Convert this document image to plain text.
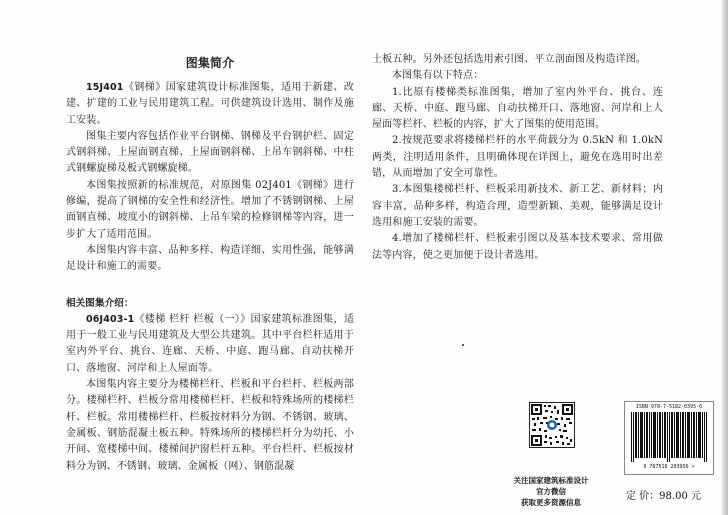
图集简介

15J401《钢梯》国家建筑设计标准图集，适用于新建、改建、扩建的工业与民用建筑工程。可供建筑设计选用、制作及施工安装。

图集主要内容包括作业平台钢梯、钢梯及平台钢护栏、固定式钢斜梯、上屋面钢直梯、上屋面钢斜梯、上吊车钢斜梯、中柱式钢螺旋梯及板式钢螺旋梯。

本图集按照新的标准规范，对原图集 02J401《钢梯》进行修编，提高了钢梯的安全性和经济性。增加了不锈钢钢梯、上屋面钢直梯、坡度小的钢斜梯、上吊车梁的检修钢梯等内容，进一步扩大了适用范围。

本图集内容丰富、品种多样、构造详细、实用性强，能够满足设计和施工的需要。

相关图集介绍：

06J403-1《楼梯 栏杆 栏板（一）》国家建筑标准图集，适用于一般工业与民用建筑及大型公共建筑。其中平台栏杆适用于室内外平台、挑台、连廊、天桥、中庭、跑马廊、自动扶梯开口、落地窗、河岸和上人屋面等。

本图集内容主要分为楼梯栏杆、栏板和平台栏杆、栏板两部分。楼梯栏杆、栏板分常用楼梯栏杆、栏板和特殊场所的楼梯栏杆、栏板。常用楼梯栏杆、栏板按材料分为钢、不锈钢、玻璃、金属板、钢筋混凝土板五种。特殊场所的楼梯栏杆分为幼托、小开间、宽楼梯中间、楼梯间护窗栏杆五种。平台栏杆、栏板按材料分为钢、不锈钢、玻璃、金属板（网）、钢筋混凝

土板五种。另外还包括选用索引图、平立剖面图及构造详图。

本图集有以下特点：

1.比原有楼梯类标准图集，增加了室内外平台、挑台、连廊、天桥、中庭、跑马廊、自动扶梯开口、落地窗、河岸和上人屋面等栏杆、栏板的内容，扩大了图集的使用范围。

2.按规范要求将楼梯栏杆的水平荷载分为 0.5kN 和 1.0kN 两类，注明适用条件，且明确体现在详图上，避免在选用时出差错，从而增加了安全可靠性。

3.本图集楼梯栏杆、栏板采用新技术、新工艺、新材料；内容丰富，品种多样，构造合理，造型新颖、美观，能够满足设计选用和施工安装的需要。

4.增加了楼梯栏杆、栏板索引图以及基本技术要求、常用做法等内容，使之更加便于设计者选用。

关注国家建筑标准设计官方微信
获取更多资源信息
ISBN 978-7-5182-0395-6
9 787518 203956 >
定 价：98.00 元
